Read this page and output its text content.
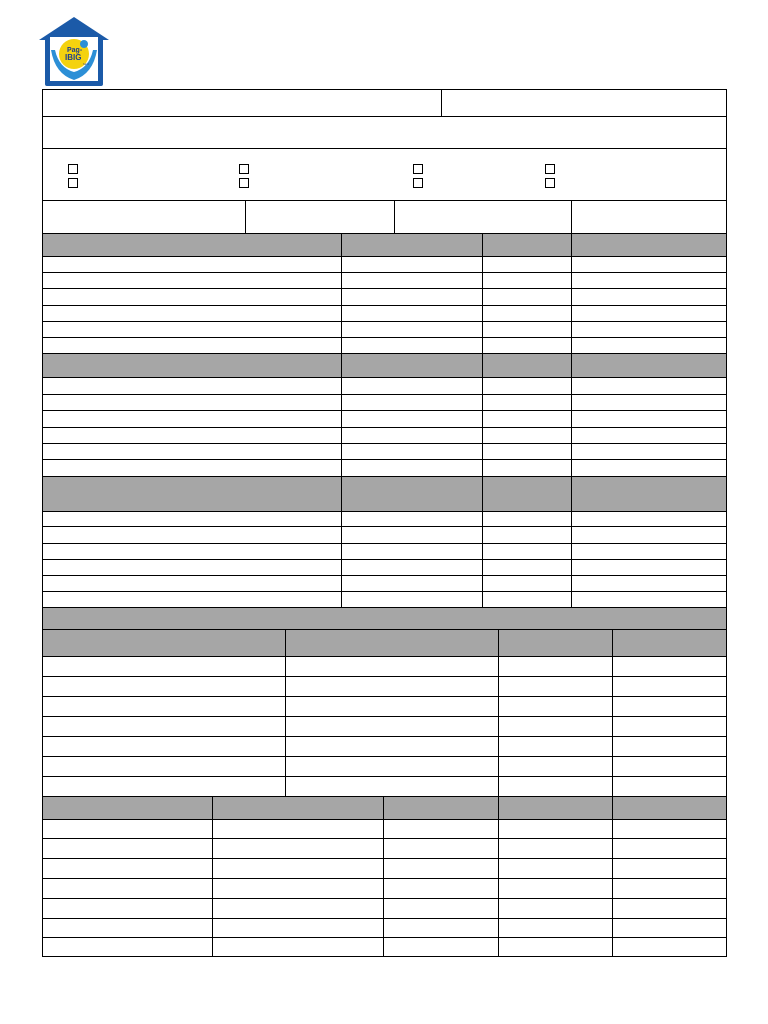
Pag-
IBIG
fund
